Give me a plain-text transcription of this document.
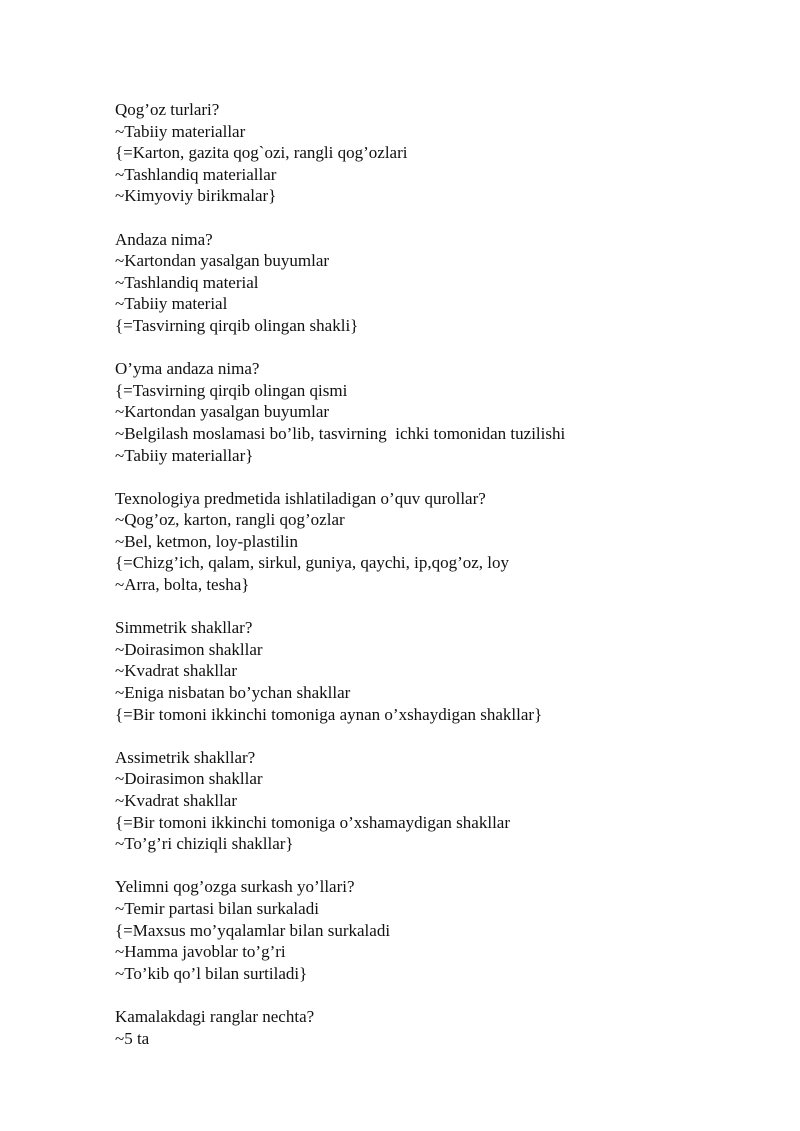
Qog’oz turlari?
~Tabiiy materiallar
{=Karton, gazita qog`ozi, rangli qog’ozlari
~Tashlandiq materiallar
~Kimyoviy birikmalar}
Andaza nima?
~Kartondan yasalgan buyumlar
~Tashlandiq material
~Tabiiy material
{=Tasvirning qirqib olingan shakli}
O’yma andaza nima?
{=Tasvirning qirqib olingan qismi
~Kartondan yasalgan buyumlar
~Belgilash moslamasi bo’lib, tasvirning  ichki tomonidan tuzilishi
~Tabiiy materiallar}
Texnologiya predmetida ishlatiladigan o’quv qurollar?
~Qog’oz, karton, rangli qog’ozlar
~Bel, ketmon, loy-plastilin
{=Chizg’ich, qalam, sirkul, guniya, qaychi, ip,qog’oz, loy
~Arra, bolta, tesha}
Simmetrik shakllar?
~Doirasimon shakllar
~Kvadrat shakllar
~Eniga nisbatan bo’ychan shakllar
{=Bir tomoni ikkinchi tomoniga aynan o’xshaydigan shakllar}
Assimetrik shakllar?
~Doirasimon shakllar
~Kvadrat shakllar
{=Bir tomoni ikkinchi tomoniga o’xshamaydigan shakllar
~To’g’ri chiziqli shakllar}
Yelimni qog’ozga surkash yo’llari?
~Temir partasi bilan surkaladi
{=Maxsus mo’yqalamlar bilan surkaladi
~Hamma javoblar to’g’ri
~To’kib qo’l bilan surtiladi}
Kamalakdagi ranglar nechta?
~5 ta
